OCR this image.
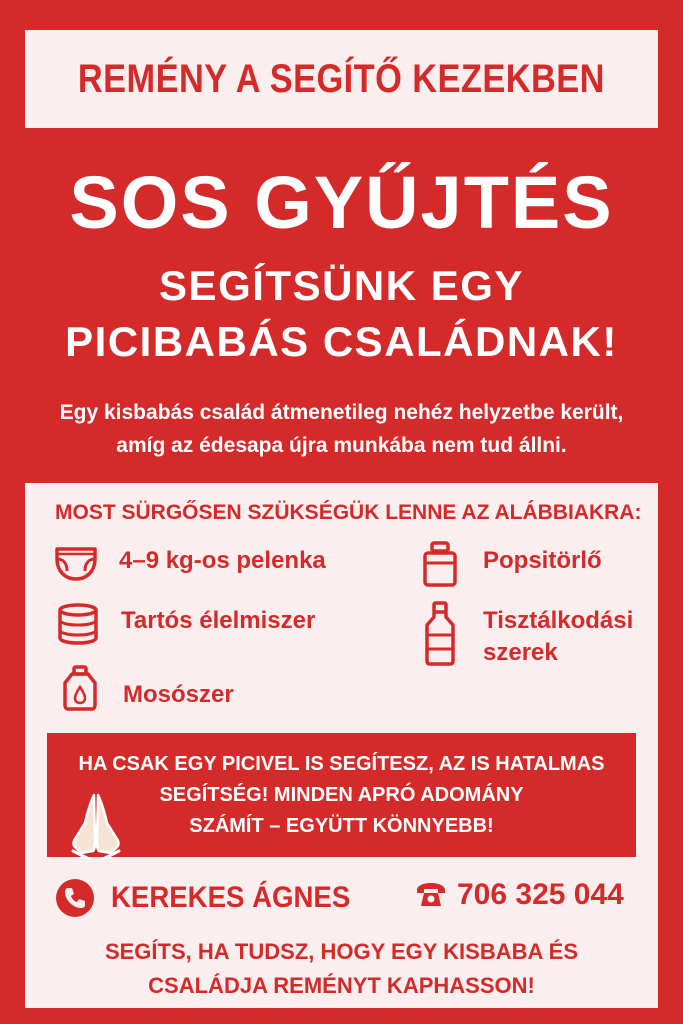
REMÉNY A SEGÍTŐ KEZEKBEN
SOS GYŰJTÉS
SEGÍTSÜNK EGY
PICIBABÁS CSALÁDNAK!
Egy kisbabás család átmenetileg nehéz helyzetbe került,
amíg az édesapa újra munkába nem tud állni.
MOST SÜRGŐSEN SZÜKSÉGÜK LENNE AZ ALÁBBIAKRA:
4–9 kg-os pelenka
Tartós élelmiszer
Mosószer
Popsitörlő
Tisztálkodási
szerek
HA CSAK EGY PICIVEL IS SEGÍTESZ, AZ IS HATALMAS
SEGÍTSÉG! MINDEN APRÓ ADOMÁNY
SZÁMÍT – EGYÜTT KÖNNYEBB!
KEREKES ÁGNES	706 325 044
SEGÍTS, HA TUDSZ, HOGY EGY KISBABA ÉS
CSALÁDJA REMÉNYT KAPHASSON!
